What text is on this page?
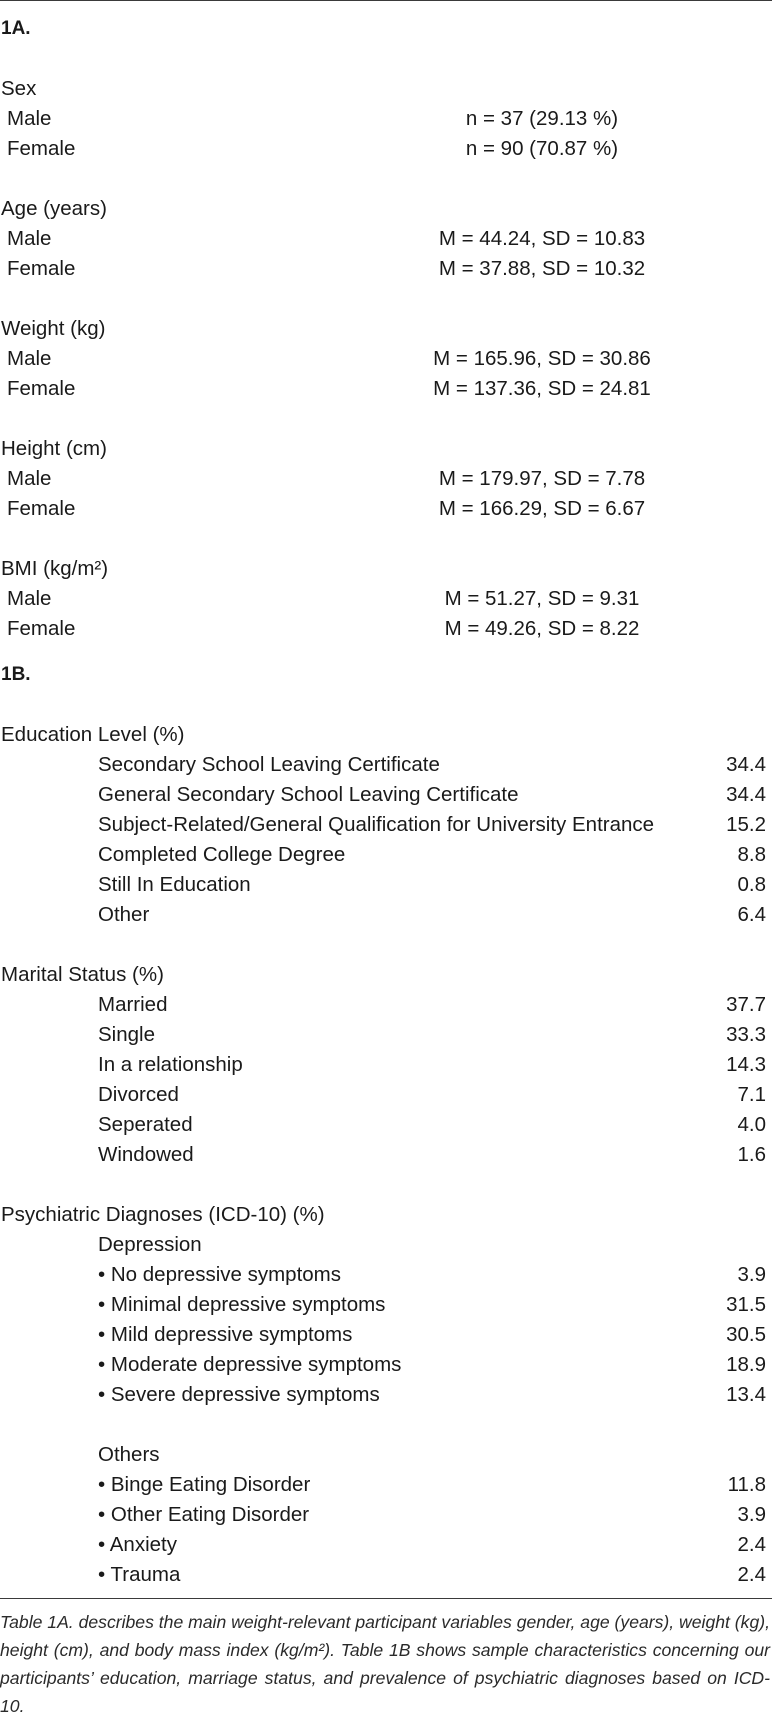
1A.
Sex
Male	n = 37 (29.13 %)
Female	n = 90 (70.87 %)
Age (years)
Male	M = 44.24, SD = 10.83
Female	M = 37.88, SD = 10.32
Weight (kg)
Male	M = 165.96, SD = 30.86
Female	M = 137.36, SD = 24.81
Height (cm)
Male	M = 179.97, SD = 7.78
Female	M = 166.29, SD = 6.67
BMI (kg/m²)
Male	M = 51.27, SD = 9.31
Female	M = 49.26, SD = 8.22
1B.
Education Level (%)
Secondary School Leaving Certificate	34.4
General Secondary School Leaving Certificate	34.4
Subject-Related/General Qualification for University Entrance	15.2
Completed College Degree	8.8
Still In Education	0.8
Other	6.4
Marital Status (%)
Married	37.7
Single	33.3
In a relationship	14.3
Divorced	7.1
Seperated	4.0
Windowed	1.6
Psychiatric Diagnoses (ICD-10) (%)
Depression
• No depressive symptoms	3.9
• Minimal depressive symptoms	31.5
• Mild depressive symptoms	30.5
• Moderate depressive symptoms	18.9
• Severe depressive symptoms	13.4
Others
• Binge Eating Disorder	11.8
• Other Eating Disorder	3.9
• Anxiety	2.4
• Trauma	2.4
Table 1A. describes the main weight-relevant participant variables gender, age (years), weight (kg), height (cm), and body mass index (kg/m²). Table 1B shows sample characteristics concerning our participants’ education, marriage status, and prevalence of psychiatric diagnoses based on ICD-10.
